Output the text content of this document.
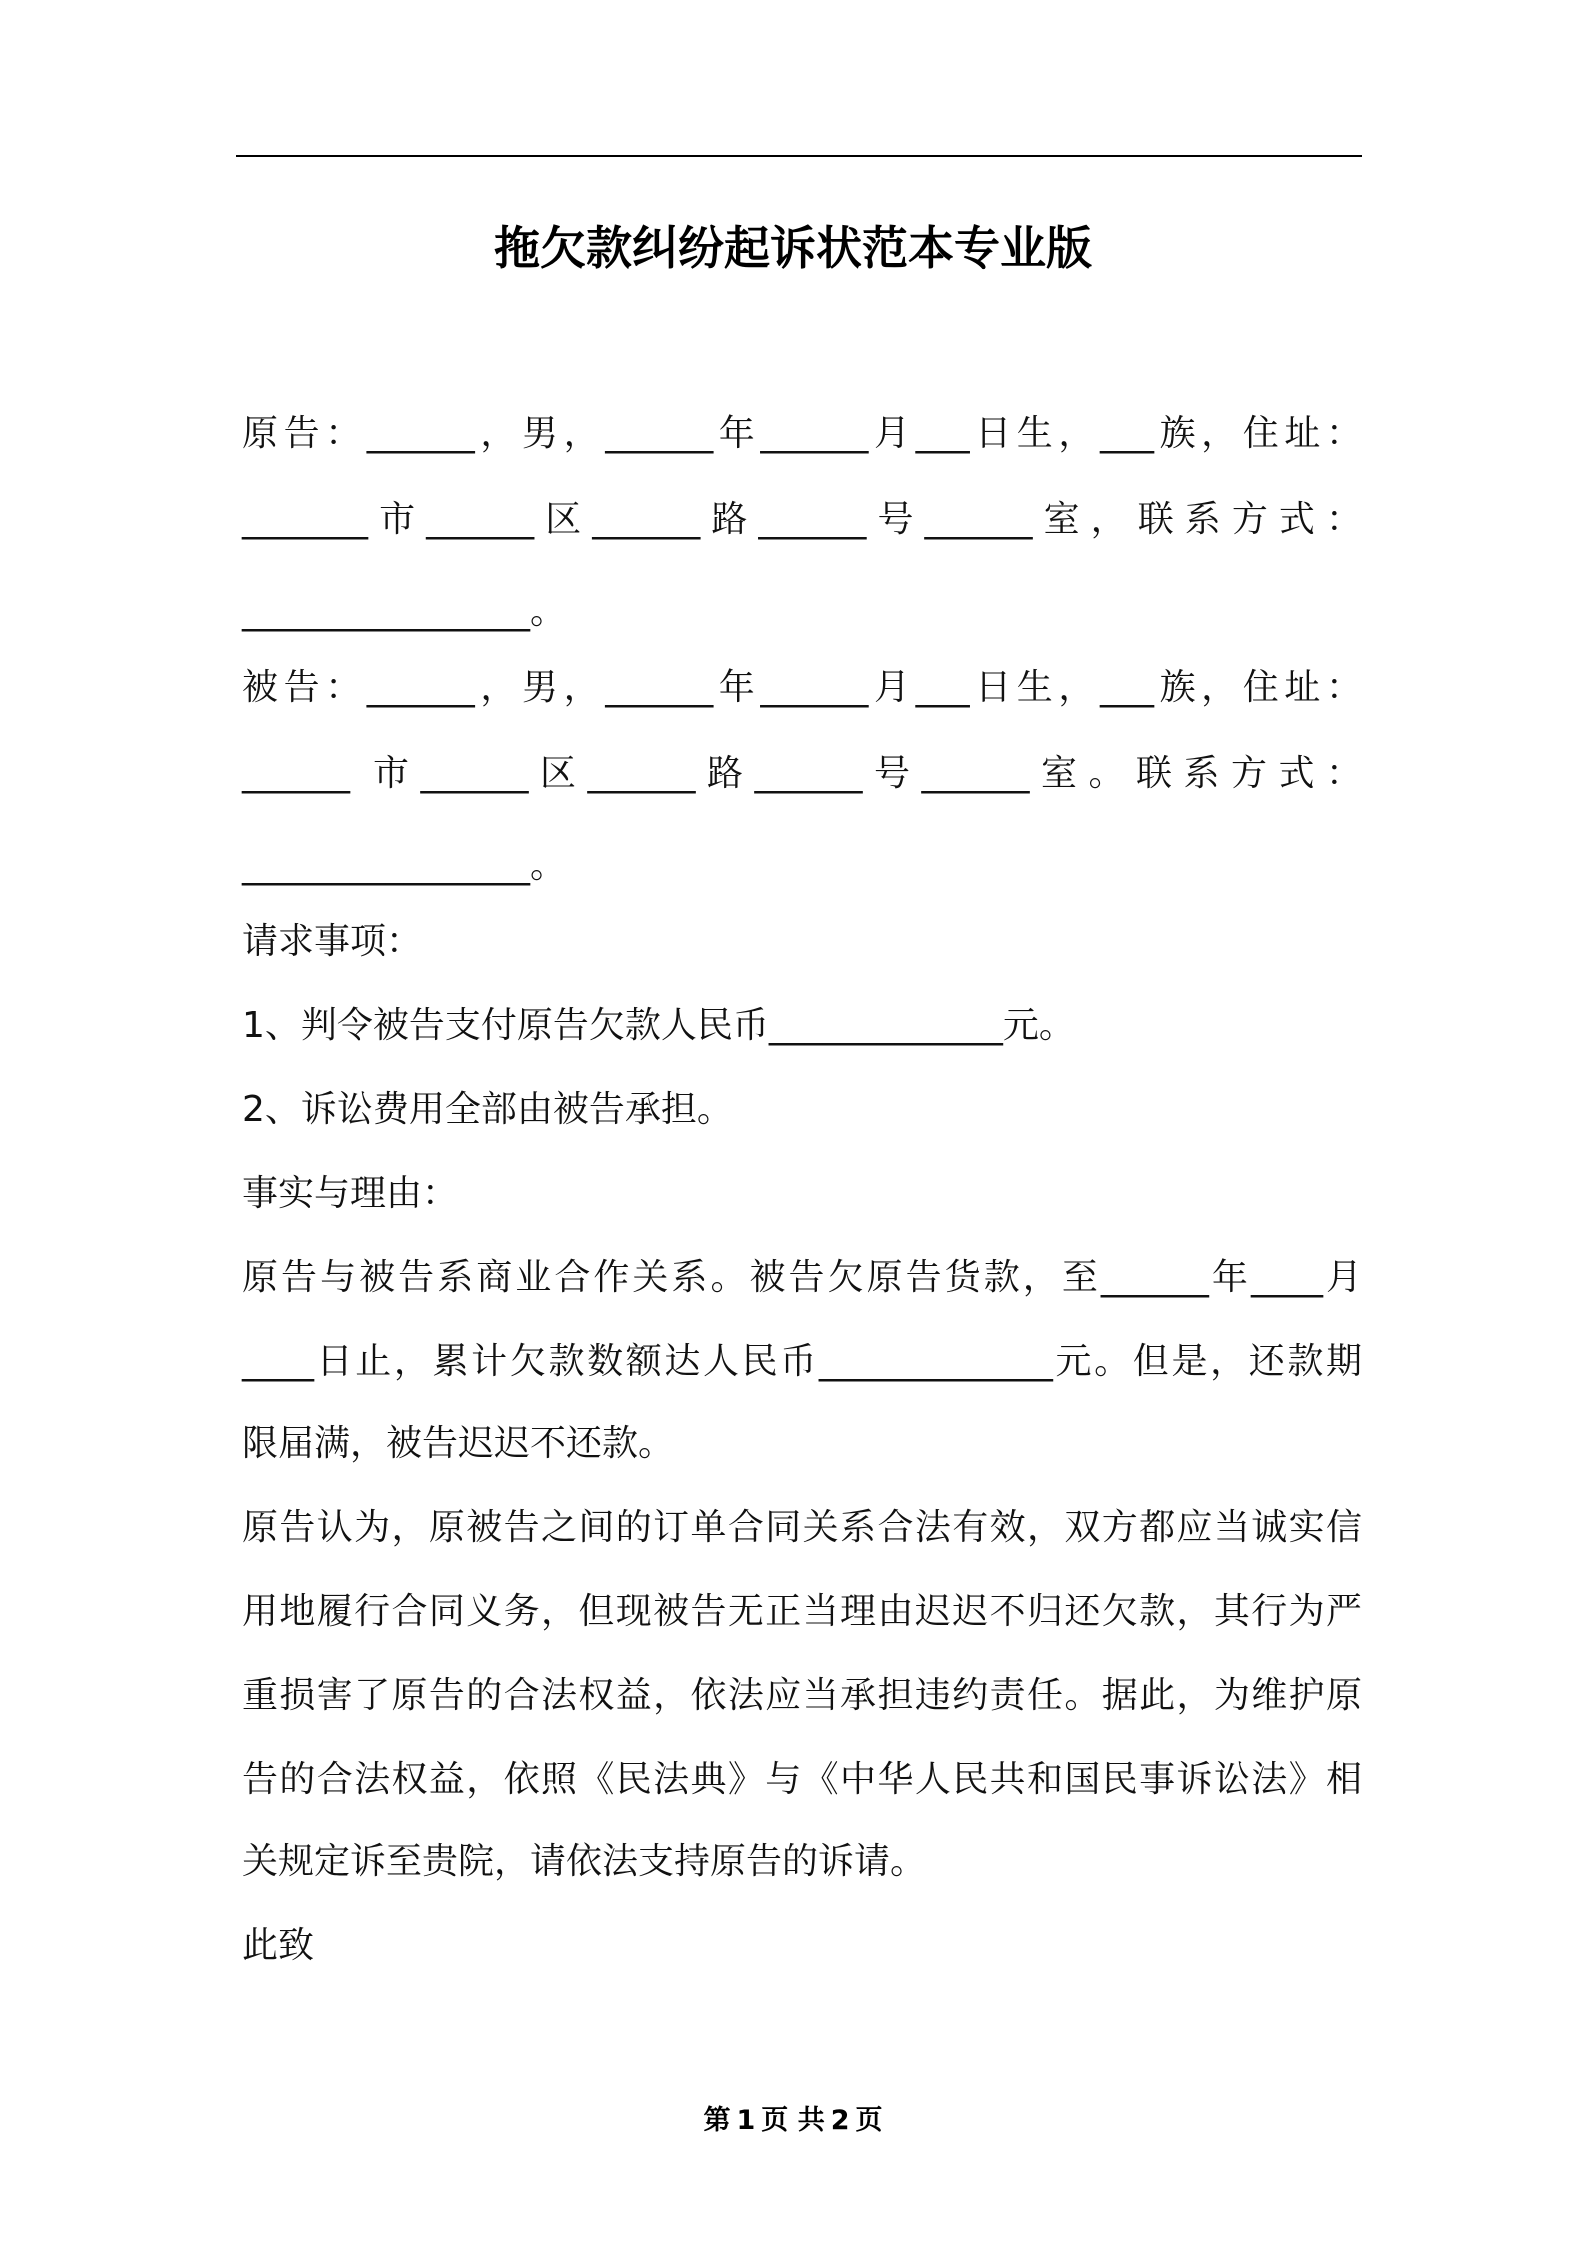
拖欠款纠纷起诉状范本专业版
原告：______，男，______年______月___日生，___族，住址：
_______市______区______路______号______室，联系方式：
________________。
被告：______，男，______年______月___日生，___族，住址：
______ 市______区______路______号______室。联系方式：
________________。
请求事项：
1、判令被告支付原告欠款人民币_____________元。
2、诉讼费用全部由被告承担。
事实与理由：
原告与被告系商业合作关系。被告欠原告货款，至______年____月
____日止，累计欠款数额达人民币_____________元。但是，还款期
限届满，被告迟迟不还款。
原告认为，原被告之间的订单合同关系合法有效，双方都应当诚实信
用地履行合同义务，但现被告无正当理由迟迟不归还欠款，其行为严
重损害了原告的合法权益，依法应当承担违约责任。据此，为维护原
告的合法权益，依照《民法典》与《中华人民共和国民事诉讼法》相
关规定诉至贵院，请依法支持原告的诉请。
此致
第 1 页 共 2 页
